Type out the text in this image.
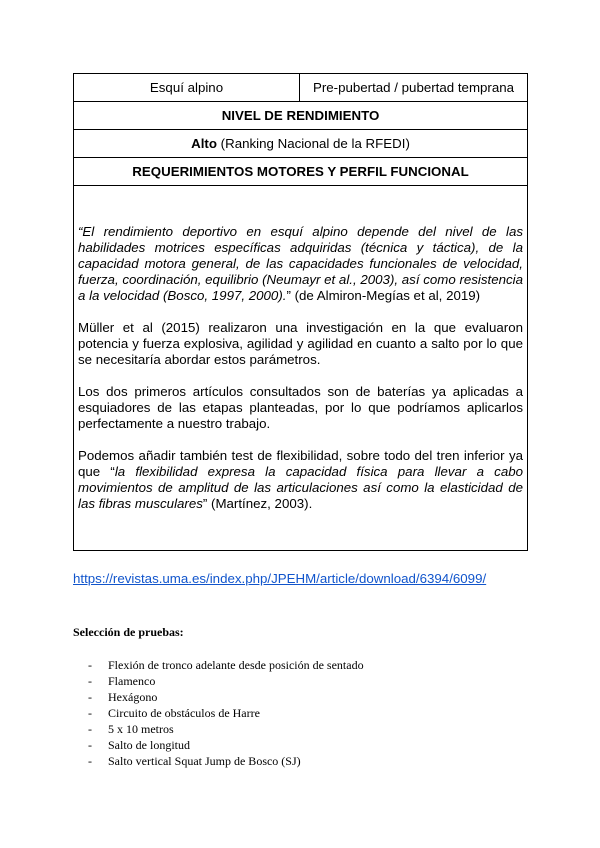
Esquí alpino	Pre-pubertad / pubertad temprana
NIVEL DE RENDIMIENTO
Alto (Ranking Nacional de la RFEDI)
REQUERIMIENTOS MOTORES Y PERFIL FUNCIONAL

“El rendimiento deportivo en esquí alpino depende del nivel de las habilidades motrices específicas adquiridas (técnica y táctica), de la capacidad motora general, de las capacidades funcionales de velocidad, fuerza, coordinación, equilibrio (Neumayr et al., 2003), así como resistencia a la velocidad (Bosco, 1997, 2000).” (de Almiron-Megías et al, 2019)

Müller et al (2015) realizaron una investigación en la que evaluaron potencia y fuerza explosiva, agilidad y agilidad en cuanto a salto por lo que se necesitaría abordar estos parámetros.

Los dos primeros artículos consultados son de baterías ya aplicadas a esquiadores de las etapas planteadas, por lo que podríamos aplicarlos perfectamente a nuestro trabajo.

Podemos añadir también test de flexibilidad, sobre todo del tren inferior ya que “la flexibilidad expresa la capacidad física para llevar a cabo movimientos de amplitud de las articulaciones así como la elasticidad de las fibras musculares” (Martínez, 2003).

https://revistas.uma.es/index.php/JPEHM/article/download/6394/6099/
Selección de pruebas:
- Flexión de tronco adelante desde posición de sentado
- Flamenco
- Hexágono
- Circuito de obstáculos de Harre
- 5 x 10 metros
- Salto de longitud
- Salto vertical Squat Jump de Bosco (SJ)
